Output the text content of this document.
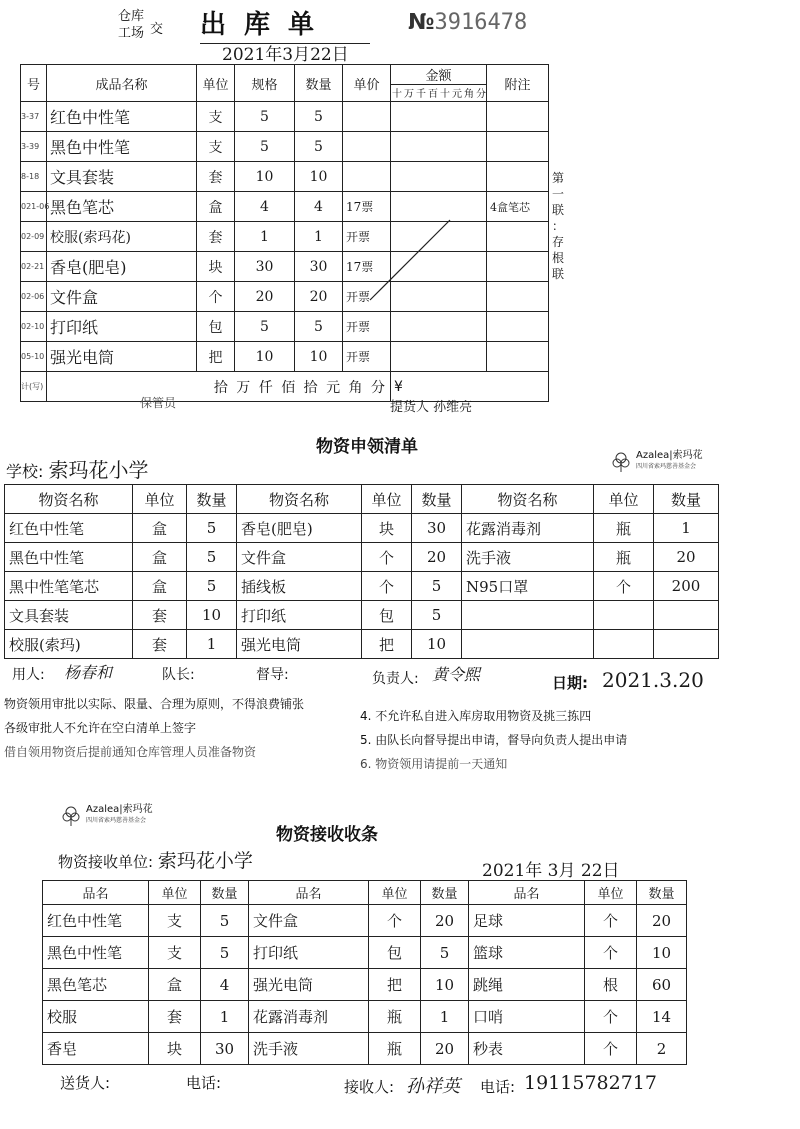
仓库
工场 交 出库单
2021年3月22日
№3916478
号	成品名称	单位	规格	数量	单价	金额	附注
						十 万 千 百 十 元 角 分	
3-37	红色中性笔	支	5	5			
3-39	黑色中性笔	支	5	5			
8-18	文具套装	套	10	10			
021-06	黑色笔芯	盒	4	4	17票		4盒笔芯
02-09	校服(索玛花)	套	1	1	开票		
02-21	香皂(肥皂)	块	30	30	17票		
02-06	文件盒	个	20	20	开票		
02-10	打印纸	包	5	5	开票		
05-10	强光电筒	把	10	10	开票		
计(写)	拾 万 仟 佰 拾 元 角 分					¥	
第一联：存根联
保管员	提货人 孙维亮
物资申领清单
学校: 索玛花小学
Azalea|索玛花
四川省索玛慈善基金会
物资名称	单位	数量	物资名称	单位	数量	物资名称	单位	数量
红色中性笔	盒	5	香皂(肥皂)	块	30	花露消毒剂	瓶	1
黑色中性笔	盒	5	文件盒	个	20	洗手液	瓶	20
黑中性笔笔芯	盒	5	插线板	个	5	N95口罩	个	200
文具套装	套	10	打印纸	包	5			
校服(索玛)	套	1	强光电筒	把	10			
用人: 杨春和	队长:	督导:	负责人: 黄令熙	日期: 2021.3.20
物资领用审批以实际、限量、合理为原则，不得浪费铺张
各级审批人不允许在空白清单上签字
借自领用物资后提前通知仓库管理人员准备物资
4. 不允许私自进入库房取用物资及挑三拣四
5. 由队长向督导提出申请，督导向负责人提出申请
6. 物资领用请提前一天通知
Azalea|索玛花
四川省索玛慈善基金会
物资接收收条
物资接收单位: 索玛花小学	2021年 3月 22日
品名	单位	数量	品名	单位	数量	品名	单位	数量
红色中性笔	支	5	文件盒	个	20	足球	个	20
黑色中性笔	支	5	打印纸	包	5	篮球	个	10
黑色笔芯	盒	4	强光电筒	把	10	跳绳	根	60
校服	套	1	花露消毒剂	瓶	1	口哨	个	14
香皂	块	30	洗手液	瓶	20	秒表	个	2
送货人:	电话:	接收人: 孙祥英 电话: 19115782717
